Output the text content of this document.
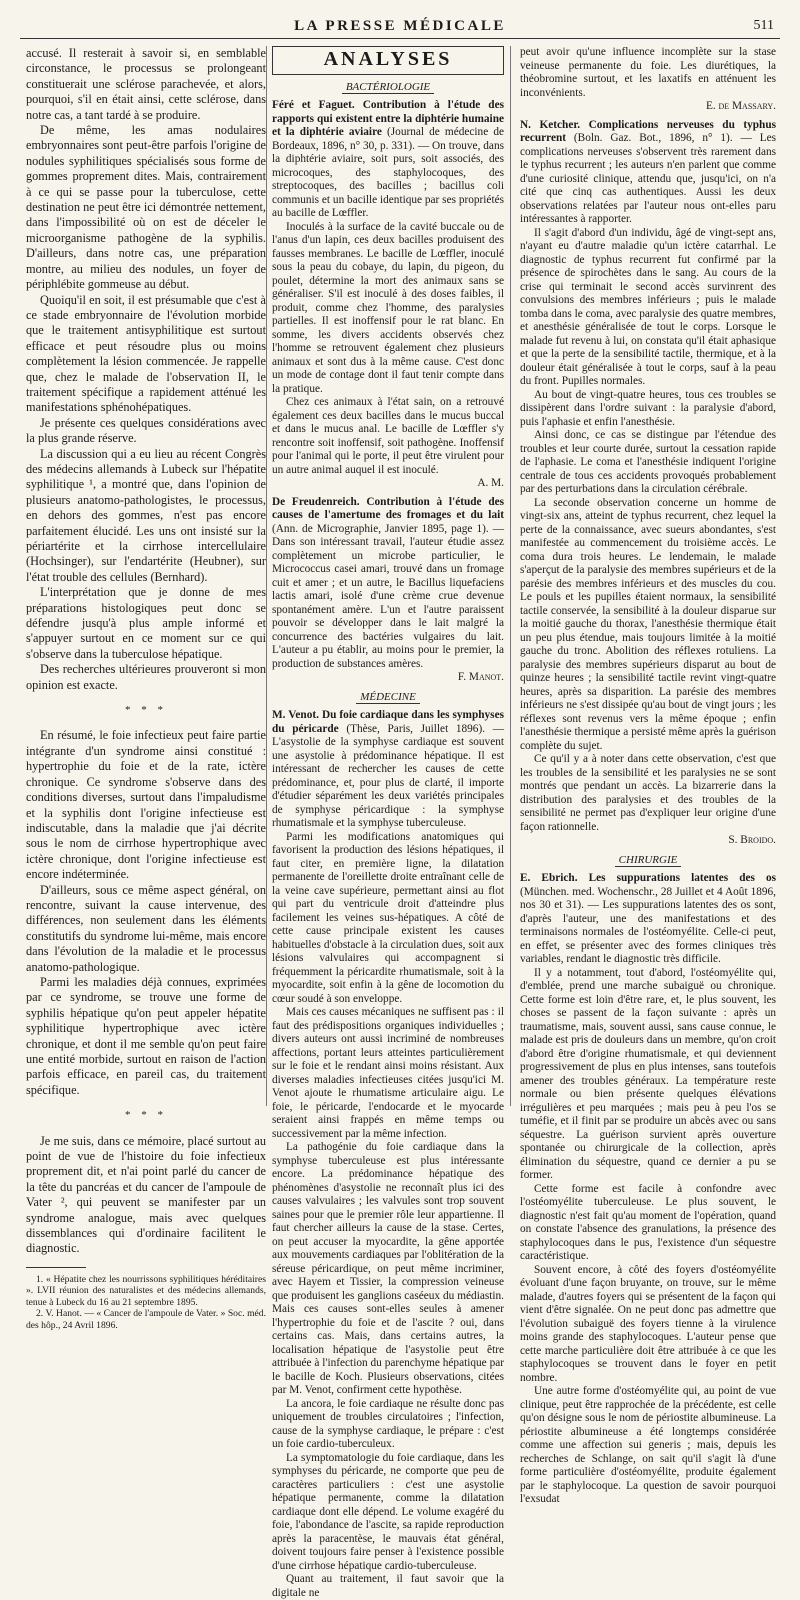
LA PRESSE MÉDICALE	511

accusé. Il resterait à savoir si, en semblable circonstance, le processus se prolongeant constituerait une sclérose parachevée, et alors, pourquoi, s'il en était ainsi, cette sclérose, dans notre cas, a tant tardé à se produire.

De même, les amas nodulaires embryonnaires sont peut-être parfois l'origine de nodules syphilitiques spécialisés sous forme de gommes proprement dites. Mais, contrairement à ce qui se passe pour la tuberculose, cette destination ne peut être ici démontrée nettement, dans l'impossibilité où on est de déceler le microorganisme pathogène de la syphilis. D'ailleurs, dans notre cas, une préparation montre, au milieu des nodules, un foyer de périphlébite gommeuse au début.

Quoiqu'il en soit, il est présumable que c'est à ce stade embryonnaire de l'évolution morbide que le traitement antisyphilitique est surtout efficace et peut résoudre plus ou moins complètement la lésion commencée. Je rappelle que, chez le malade de l'observation II, le traitement spécifique a rapidement atténué les manifestations sphénohépatiques.

Je présente ces quelques considérations avec la plus grande réserve.

La discussion qui a eu lieu au récent Congrès des médecins allemands à Lubeck sur l'hépatite syphilitique ¹, a montré que, dans l'opinion de plusieurs anatomo-pathologistes, le processus, en dehors des gommes, n'est pas encore parfaitement élucidé. Les uns ont insisté sur la périartérite et la cirrhose intercellulaire (Hochsinger), sur l'endartérite (Heubner), sur l'état trouble des cellules (Bernhard).

L'interprétation que je donne de mes préparations histologiques peut donc se défendre jusqu'à plus ample informé et s'appuyer surtout en ce moment sur ce qui s'observe dans la tuberculose hépatique.

Des recherches ultérieures prouveront si mon opinion est exacte.

* * *

En résumé, le foie infectieux peut faire partie intégrante d'un syndrome ainsi constitué : hypertrophie du foie et de la rate, ictère chronique. Ce syndrome s'observe dans des conditions diverses, surtout dans l'impaludisme et la syphilis dont l'origine infectieuse est indiscutable, dans la maladie que j'ai décrite sous le nom de cirrhose hypertrophique avec ictère chronique, dont l'origine infectieuse est encore indéterminée.

D'ailleurs, sous ce même aspect général, on rencontre, suivant la cause intervenue, des différences, non seulement dans les éléments constitutifs du syndrome lui-même, mais encore dans l'évolution de la maladie et le processus anatomo-pathologique.

Parmi les maladies déjà connues, exprimées par ce syndrome, se trouve une forme de syphilis hépatique qu'on peut appeler hépatite syphilitique hypertrophique avec ictère chronique, et dont il me semble qu'on peut faire une entité morbide, surtout en raison de l'action parfois efficace, en pareil cas, du traitement spécifique.

* * *

Je me suis, dans ce mémoire, placé surtout au point de vue de l'histoire du foie infectieux proprement dit, et n'ai point parlé du cancer de la tête du pancréas et du cancer de l'ampoule de Vater ², qui peuvent se manifester par un syndrome analogue, mais avec quelques dissemblances qui d'ordinaire facilitent le diagnostic.

1. « Hépatite chez les nourrissons syphilitiques héréditaires ». LVII réunion des naturalistes et des médecins allemands, tenue à Lubeck du 16 au 21 septembre 1895.

2. V. Hanot. — « Cancer de l'ampoule de Vater. » Soc. méd. des hôp., 24 Avril 1896.

ANALYSES
BACTÉRIOLOGIE

Féré et Faguet. Contribution à l'étude des rapports qui existent entre la diphtérie humaine et la diphtérie aviaire (Journal de médecine de Bordeaux, 1896, n° 30, p. 331). — On trouve, dans la diphtérie aviaire, soit purs, soit associés, des microcoques, des staphylocoques, des streptocoques, des bacilles ; bacillus coli communis et un bacille identique par ses propriétés au bacille de Lœffler.

Inoculés à la surface de la cavité buccale ou de l'anus d'un lapin, ces deux bacilles produisent des fausses membranes. Le bacille de Lœffler, inoculé sous la peau du cobaye, du lapin, du pigeon, du poulet, détermine la mort des animaux sans se généraliser. S'il est inoculé à des doses faibles, il produit, comme chez l'homme, des paralysies partielles. Il est inoffensif pour le rat blanc. En somme, les divers accidents observés chez l'homme se retrouvent également chez plusieurs animaux et sont dus à la même cause. C'est donc un mode de contage dont il faut tenir compte dans la pratique.

Chez ces animaux à l'état sain, on a retrouvé également ces deux bacilles dans le mucus buccal et dans le mucus anal. Le bacille de Lœffler s'y rencontre soit inoffensif, soit pathogène. Inoffensif pour l'animal qui le porte, il peut être virulent pour un autre animal auquel il est inoculé.

A. M.

De Freudenreich. Contribution à l'étude des causes de l'amertume des fromages et du lait (Ann. de Micrographie, Janvier 1895, page 1). — Dans son intéressant travail, l'auteur étudie assez complètement un microbe particulier, le Micrococcus casei amari, trouvé dans un fromage cuit et amer ; et un autre, le Bacillus liquefaciens lactis amari, isolé d'une crème crue devenue spontanément amère. L'un et l'autre paraissent pouvoir se développer dans le lait malgré la concurrence des bactéries vulgaires du lait. L'auteur a pu établir, au moins pour le premier, la production de substances amères.

F. Manot.

MÉDECINE

M. Venot. Du foie cardiaque dans les symphyses du péricarde (Thèse, Paris, Juillet 1896). — L'asystolie de la symphyse cardiaque est souvent une asystolie à prédominance hépatique. Il est intéressant de rechercher les causes de cette prédominance, et, pour plus de clarté, il importe d'étudier séparément les deux variétés principales de symphyse péricardique : la symphyse rhumatismale et la symphyse tuberculeuse.

Parmi les modifications anatomiques qui favorisent la production des lésions hépatiques, il faut citer, en première ligne, la dilatation permanente de l'oreillette droite entraînant celle de la veine cave supérieure, permettant ainsi au flot qui part du ventricule droit d'atteindre plus facilement les veines sus-hépatiques. A côté de cette cause principale existent les causes habituelles d'obstacle à la circulation dues, soit aux lésions valvulaires qui accompagnent si fréquemment la péricardite rhumatismale, soit à la myocardite, soit enfin à la gêne de locomotion du cœur soudé à son enveloppe.

Mais ces causes mécaniques ne suffisent pas : il faut des prédispositions organiques individuelles ; divers auteurs ont aussi incriminé de nombreuses affections, portant leurs atteintes particulièrement sur le foie et le rendant ainsi moins résistant. Aux diverses maladies infectieuses citées jusqu'ici M. Venot ajoute le rhumatisme articulaire aigu. Le foie, le péricarde, l'endocarde et le myocarde seraient ainsi frappés en même temps ou successivement par la même infection.

La pathogénie du foie cardiaque dans la symphyse tuberculeuse est plus intéressante encore. La prédominance hépatique des phénomènes d'asystolie ne reconnaît plus ici des causes valvulaires ; les valvules sont trop souvent saines pour que le premier rôle leur appartienne. Il faut chercher ailleurs la cause de la stase. Certes, on peut accuser la myocardite, la gêne apportée aux mouvements cardiaques par l'oblitération de la séreuse péricardique, on peut même incriminer, avec Hayem et Tissier, la compression veineuse que produisent les ganglions caséeux du médiastin. Mais ces causes sont-elles seules à amener l'hypertrophie du foie et de l'ascite ? oui, dans certains cas. Mais, dans certains autres, la localisation hépatique de l'asystolie peut être attribuée à l'infection du parenchyme hépatique par le bacille de Koch. Plusieurs observations, citées par M. Venot, confirment cette hypothèse.

La ancora, le foie cardiaque ne résulte donc pas uniquement de troubles circulatoires ; l'infection, cause de la symphyse cardiaque, le prépare : c'est un foie cardio-tuberculeux.

La symptomatologie du foie cardiaque, dans les symphyses du péricarde, ne comporte que peu de caractères particuliers : c'est une asystolie hépatique permanente, comme la dilatation cardiaque dont elle dépend. Le volume exagéré du foie, l'abondance de l'ascite, sa rapide reproduction après la paracentèse, le mauvais état général, doivent toujours faire penser à l'existence possible d'une cirrhose hépatique cardio-tuberculeuse.

Quant au traitement, il faut savoir que la digitale ne

peut avoir qu'une influence incomplète sur la stase veineuse permanente du foie. Les diurétiques, la théobromine surtout, et les laxatifs en atténuent les inconvénients.

E. de Massary.

N. Ketcher. Complications nerveuses du typhus recurrent (Boln. Gaz. Bot., 1896, n° 1). — Les complications nerveuses s'observent très rarement dans le typhus recurrent ; les auteurs n'en parlent que comme d'une curiosité clinique, attendu que, jusqu'ici, on n'a cité que cinq cas authentiques. Aussi les deux observations relatées par l'auteur nous ont-elles paru intéressantes à rapporter.

Il s'agit d'abord d'un individu, âgé de vingt-sept ans, n'ayant eu d'autre maladie qu'un ictère catarrhal. Le diagnostic de typhus recurrent fut confirmé par la présence de spirochètes dans le sang. Au cours de la crise qui terminait le second accès survinrent des convulsions des membres inférieurs ; puis le malade tomba dans le coma, avec paralysie des quatre membres, et anesthésie généralisée de tout le corps. Lorsque le malade fut revenu à lui, on constata qu'il était aphasique et que la perte de la sensibilité tactile, thermique, et à la douleur était généralisée à tout le corps, sauf à la peau du front. Pupilles normales.

Au bout de vingt-quatre heures, tous ces troubles se dissipèrent dans l'ordre suivant : la paralysie d'abord, puis l'aphasie et enfin l'anesthésie.

Ainsi donc, ce cas se distingue par l'étendue des troubles et leur courte durée, surtout la cessation rapide de l'aphasie. Le coma et l'anesthésie indiquent l'origine centrale de tous ces accidents provoqués probablement par des perturbations dans la circulation cérébrale.

La seconde observation concerne un homme de vingt-six ans, atteint de typhus recurrent, chez lequel la perte de la connaissance, avec sueurs abondantes, s'est manifestée au commencement du troisième accès. Le coma dura trois heures. Le lendemain, le malade s'aperçut de la paralysie des membres supérieurs et de la parésie des membres inférieurs et des muscles du cou. Le pouls et les pupilles étaient normaux, la sensibilité tactile conservée, la sensibilité à la douleur disparue sur la moitié gauche du thorax, l'anesthésie thermique était un peu plus étendue, mais toujours limitée à la moitié gauche du tronc. Abolition des réflexes rotuliens. La paralysie des membres supérieurs disparut au bout de quinze heures ; la sensibilité tactile revint vingt-quatre heures, après sa disparition. La parésie des membres inférieurs ne s'est dissipée qu'au bout de vingt jours ; les réflexes sont revenus vers la même époque ; enfin l'anesthésie thermique a persisté même après la guérison complète du sujet.

Ce qu'il y a à noter dans cette observation, c'est que les troubles de la sensibilité et les paralysies ne se sont montrés que pendant un accès. La bizarrerie dans la distribution des paralysies et des troubles de la sensibilité ne permet pas d'expliquer leur origine d'une façon rationnelle.

S. Broido.

CHIRURGIE

E. Ebrich. Les suppurations latentes des os (München. med. Wochenschr., 28 Juillet et 4 Août 1896, nos 30 et 31). — Les suppurations latentes des os sont, d'après l'auteur, une des manifestations et des terminaisons normales de l'ostéomyélite. Celle-ci peut, en effet, se présenter avec des formes cliniques très variables, rendant le diagnostic très difficile.

Il y a notamment, tout d'abord, l'ostéomyélite qui, d'emblée, prend une marche subaiguë ou chronique. Cette forme est loin d'être rare, et, le plus souvent, les choses se passent de la façon suivante : après un traumatisme, mais, souvent aussi, sans cause connue, le malade est pris de douleurs dans un membre, qu'on croit d'abord être d'origine rhumatismale, et qui deviennent progressivement de plus en plus intenses, sans toutefois amener des troubles généraux. La température reste normale ou bien présente quelques élévations irrégulières et peu marquées ; mais peu à peu l'os se tuméfie, et il finit par se produire un abcès avec ou sans séquestre. La guérison survient après ouverture spontanée ou chirurgicale de la collection, après élimination du séquestre, quand ce dernier a pu se former.

Cette forme est facile à confondre avec l'ostéomyélite tuberculeuse. Le plus souvent, le diagnostic n'est fait qu'au moment de l'opération, quand on constate l'absence des granulations, la présence des staphylocoques dans le pus, l'existence d'un séquestre caractéristique.

Souvent encore, à côté des foyers d'ostéomyélite évoluant d'une façon bruyante, on trouve, sur le même malade, d'autres foyers qui se présentent de la façon qui vient d'être signalée. On ne peut donc pas admettre que l'évolution subaiguë des foyers tienne à la virulence moins grande des staphylocoques. L'auteur pense que cette marche particulière doit être attribuée à ce que les staphylocoques se trouvent dans le foyer en petit nombre.

Une autre forme d'ostéomyélite qui, au point de vue clinique, peut être rapprochée de la précédente, est celle qu'on désigne sous le nom de périostite albumineuse. La périostite albumineuse a été longtemps considérée comme une affection sui generis ; mais, depuis les recherches de Schlange, on sait qu'il s'agit là d'une forme particulière d'ostéomyélite, produite également par le staphylocoque. La question de savoir pourquoi l'exsudat
